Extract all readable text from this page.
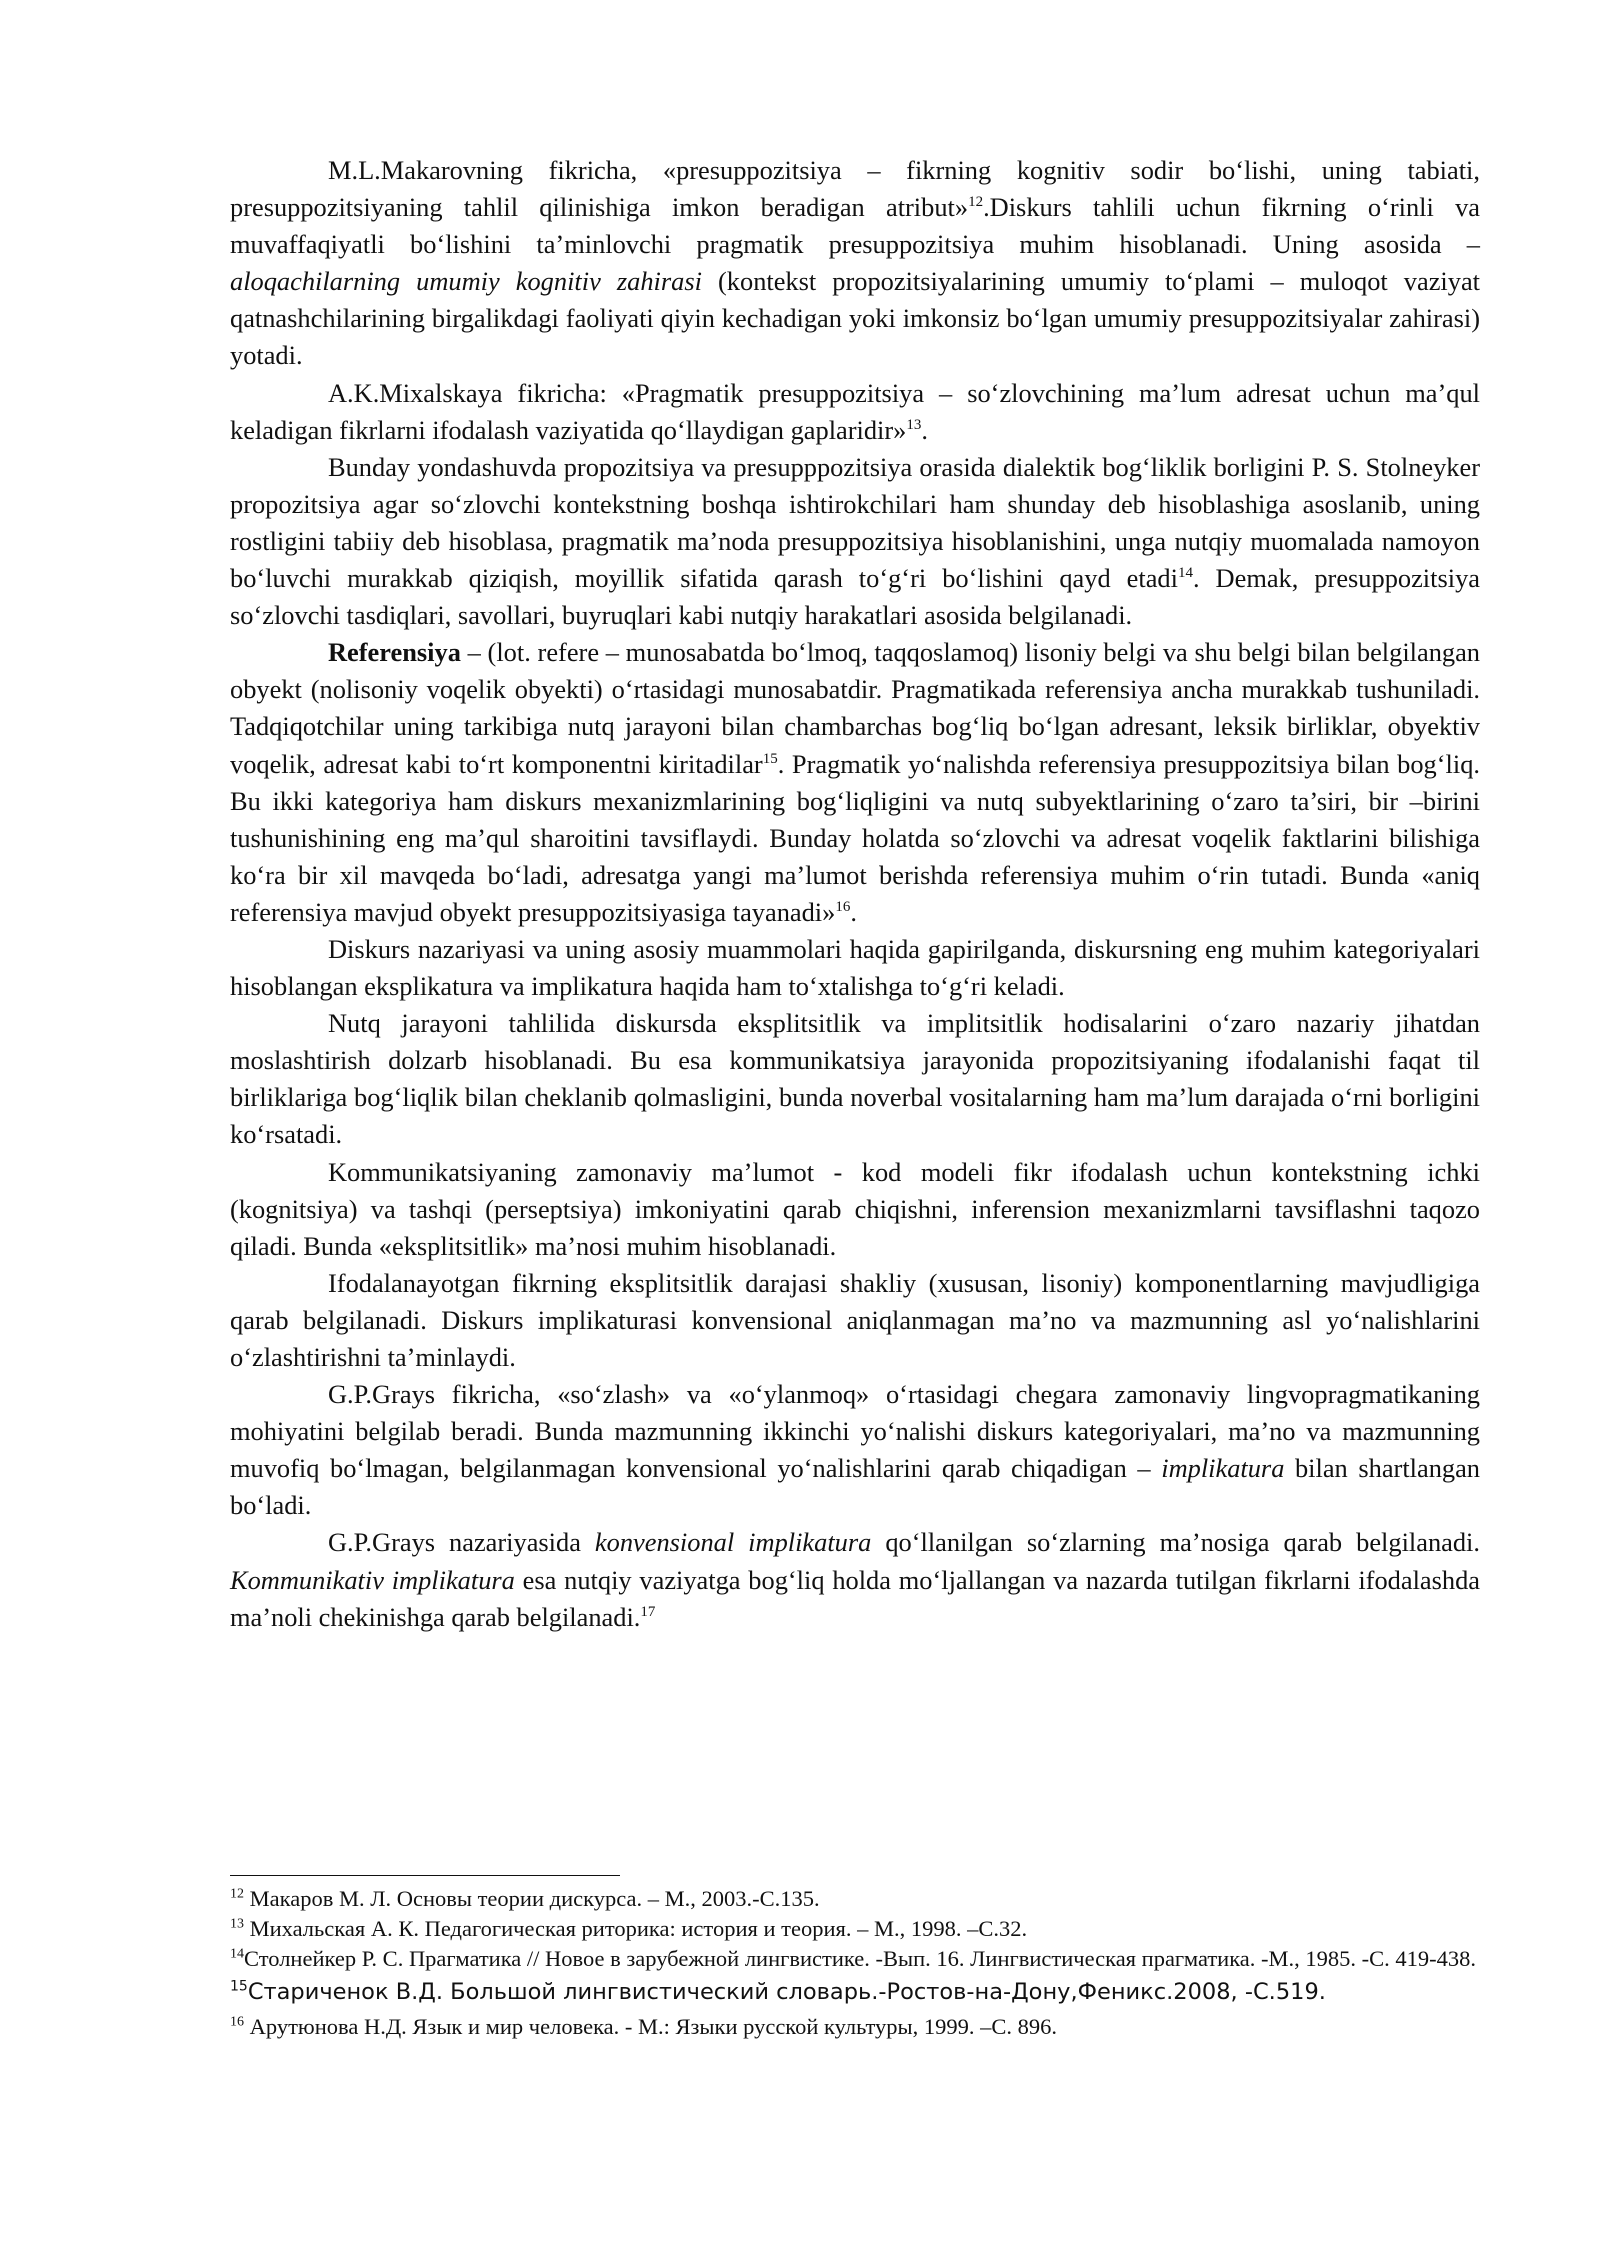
M.L.Makarovning fikricha, «presuppozitsiya – fikrning kognitiv sodir bo‘lishi, uning tabiati, presuppozitsiyaning tahlil qilinishiga imkon beradigan atribut»$^{12}$.Diskurs tahlili uchun fikrning o‘rinli va muvaffaqiyatli bo‘lishini ta’minlovchi pragmatik presuppozitsiya muhim hisoblanadi. Uning asosida – aloqachilarning umumiy kognitiv zahirasi (kontekst propozitsiyalarining umumiy to‘plami – muloqot vaziyat qatnashchilarining birgalikdagi faoliyati qiyin kechadigan yoki imkonsiz bo‘lgan umumiy presuppozitsiyalar zahirasi) yotadi.

A.K.Mixalskaya fikricha: «Pragmatik presuppozitsiya – so‘zlovchining ma’lum adresat uchun ma’qul keladigan fikrlarni ifodalash vaziyatida qo‘llaydigan gaplaridir»$^{13}$.

Bunday yondashuvda propozitsiya va presupppozitsiya orasida dialektik bog‘liklik borligini P. S. Stolneyker propozitsiya agar so‘zlovchi kontekstning boshqa ishtirokchilari ham shunday deb hisoblashiga asoslanib, uning rostligini tabiiy deb hisoblasa, pragmatik ma’noda presuppozitsiya hisoblanishini, unga nutqiy muomalada namoyon bo‘luvchi murakkab qiziqish, moyillik sifatida qarash to‘g‘ri bo‘lishini qayd etadi$^{14}$. Demak, presuppozitsiya so‘zlovchi tasdiqlari, savollari, buyruqlari kabi nutqiy harakatlari asosida belgilanadi.

Referensiya – (lot. refere – munosabatda bo‘lmoq, taqqoslamoq) lisoniy belgi va shu belgi bilan belgilangan obyekt (nolisoniy voqelik obyekti) o‘rtasidagi munosabatdir. Pragmatikada referensiya ancha murakkab tushuniladi. Tadqiqotchilar uning tarkibiga nutq jarayoni bilan chambarchas bog‘liq bo‘lgan adresant, leksik birliklar, obyektiv voqelik, adresat kabi to‘rt komponentni kiritadilar$^{15}$. Pragmatik yo‘nalishda referensiya presuppozitsiya bilan bog‘liq. Bu ikki kategoriya ham diskurs mexanizmlarining bog‘liqligini va nutq subyektlarining o‘zaro ta’siri, bir –birini tushunishining eng ma’qul sharoitini tavsiflaydi. Bunday holatda so‘zlovchi va adresat voqelik faktlarini bilishiga ko‘ra bir xil mavqeda bo‘ladi, adresatga yangi ma’lumot berishda referensiya muhim o‘rin tutadi. Bunda «aniq referensiya mavjud obyekt presuppozitsiyasiga tayanadi»$^{16}$.

Diskurs nazariyasi va uning asosiy muammolari haqida gapirilganda, diskursning eng muhim kategoriyalari hisoblangan eksplikatura va implikatura haqida ham to‘xtalishga to‘g‘ri keladi.

Nutq jarayoni tahlilida diskursda eksplitsitlik va implitsitlik hodisalarini o‘zaro nazariy jihatdan moslashtirish dolzarb hisoblanadi. Bu esa kommunikatsiya jarayonida propozitsiyaning ifodalanishi faqat til birliklariga bog‘liqlik bilan cheklanib qolmasligini, bunda noverbal vositalarning ham ma’lum darajada o‘rni borligini ko‘rsatadi.

Kommunikatsiyaning zamonaviy ma’lumot - kod modeli fikr ifodalash uchun kontekstning ichki (kognitsiya) va tashqi (perseptsiya) imkoniyatini qarab chiqishni, inferension mexanizmlarni tavsiflashni taqozo qiladi. Bunda «eksplitsitlik» ma’nosi muhim hisoblanadi.

Ifodalanayotgan fikrning eksplitsitlik darajasi shakliy (xususan, lisoniy) komponentlarning mavjudligiga qarab belgilanadi. Diskurs implikaturasi konvensional aniqlanmagan ma’no va mazmunning asl yo‘nalishlarini o‘zlashtirishni ta’minlaydi.

G.P.Grays fikricha, «so‘zlash» va «o‘ylanmoq» o‘rtasidagi chegara zamonaviy lingvopragmatikaning mohiyatini belgilab beradi. Bunda mazmunning ikkinchi yo‘nalishi diskurs kategoriyalari, ma’no va mazmunning muvofiq bo‘lmagan, belgilanmagan konvensional yo‘nalishlarini qarab chiqadigan – implikatura bilan shartlangan bo‘ladi.

G.P.Grays nazariyasida konvensional implikatura qo‘llanilgan so‘zlarning ma’nosiga qarab belgilanadi. Kommunikativ implikatura esa nutqiy vaziyatga bog‘liq holda mo‘ljallangan va nazarda tutilgan fikrlarni ifodalashda ma’noli chekinishga qarab belgilanadi.$^{17}$

$^{12}$ Макаров М. Л. Основы теории дискурса. – М., 2003.-С.135.
$^{13}$ Михальская А. К. Педагогическая риторика: история и теория. – М., 1998. –С.32.
$^{14}$Столнейкер Р. С. Прагматика // Новое в зарубежной лингвистике. -Вып. 16. Лингвистическая прагматика. -М., 1985. -С. 419-438.
$^{15}$Стариченок В.Д. Большой лингвистический словарь.-Ростов-на-Дону,Феникс.2008, -С.519.
$^{16}$ Арутюнова Н.Д. Язык и мир человека. - М.: Языки русской культуры, 1999. –С. 896.
